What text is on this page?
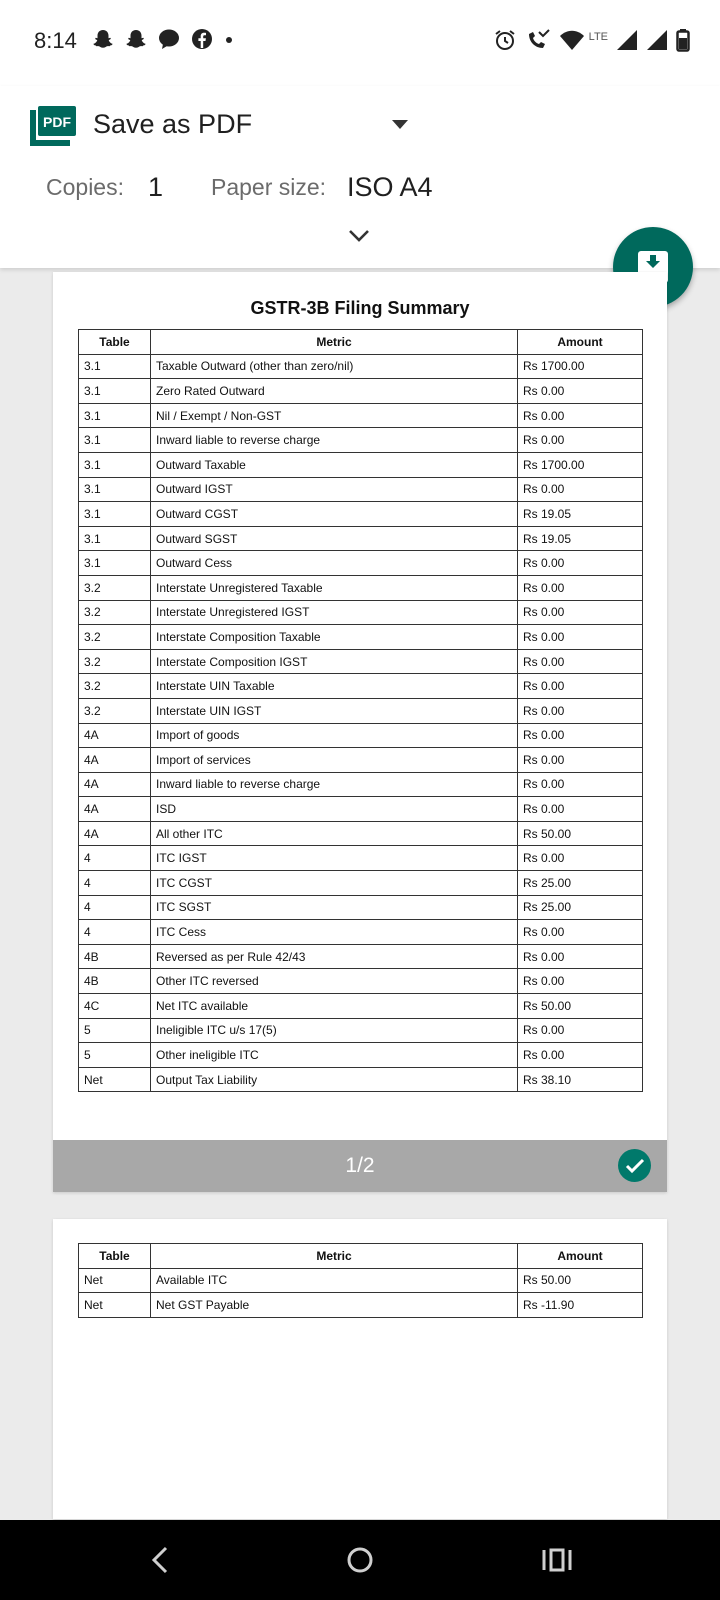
8:14	LTE
PDF Save as PDF
Copies: 1 Paper size: ISO A4
GSTR-3B Filing Summary
Table	Metric	Amount
3.1	Taxable Outward (other than zero/nil)	Rs 1700.00
3.1	Zero Rated Outward	Rs 0.00
3.1	Nil / Exempt / Non-GST	Rs 0.00
3.1	Inward liable to reverse charge	Rs 0.00
3.1	Outward Taxable	Rs 1700.00
3.1	Outward IGST	Rs 0.00
3.1	Outward CGST	Rs 19.05
3.1	Outward SGST	Rs 19.05
3.1	Outward Cess	Rs 0.00
3.2	Interstate Unregistered Taxable	Rs 0.00
3.2	Interstate Unregistered IGST	Rs 0.00
3.2	Interstate Composition Taxable	Rs 0.00
3.2	Interstate Composition IGST	Rs 0.00
3.2	Interstate UIN Taxable	Rs 0.00
3.2	Interstate UIN IGST	Rs 0.00
4A	Import of goods	Rs 0.00
4A	Import of services	Rs 0.00
4A	Inward liable to reverse charge	Rs 0.00
4A	ISD	Rs 0.00
4A	All other ITC	Rs 50.00
4	ITC IGST	Rs 0.00
4	ITC CGST	Rs 25.00
4	ITC SGST	Rs 25.00
4	ITC Cess	Rs 0.00
4B	Reversed as per Rule 42/43	Rs 0.00
4B	Other ITC reversed	Rs 0.00
4C	Net ITC available	Rs 50.00
5	Ineligible ITC u/s 17(5)	Rs 0.00
5	Other ineligible ITC	Rs 0.00
Net	Output Tax Liability	Rs 38.10
1/2
Table	Metric	Amount
Net	Available ITC	Rs 50.00
Net	Net GST Payable	Rs -11.90
